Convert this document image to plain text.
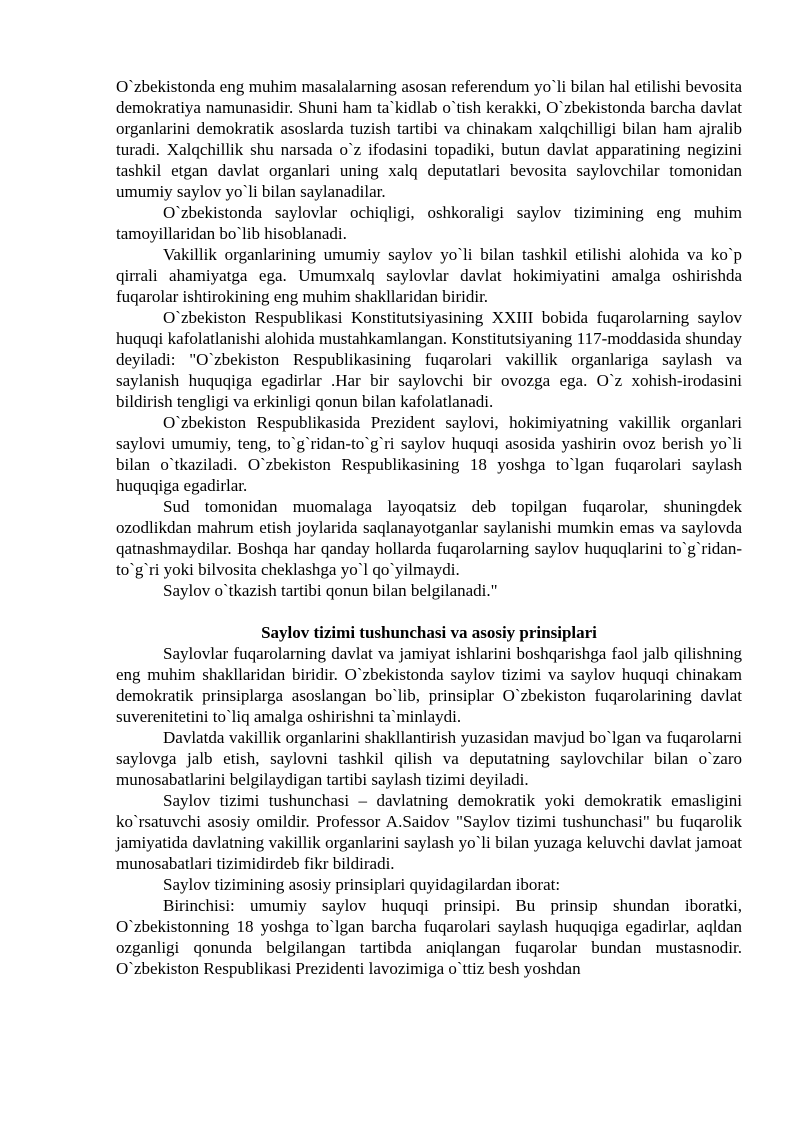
O`zbekistonda eng muhim masalalarning asosan referendum yo`li bilan hal etilishi bevosita demokratiya namunasidir. Shuni ham ta`kidlab o`tish kerakki, O`zbekistonda barcha davlat organlarini demokratik asoslarda tuzish tartibi va chinakam xalqchilligi bilan ham ajralib turadi. Xalqchillik shu narsada o`z ifodasini topadiki, butun davlat apparatining negizini tashkil etgan davlat organlari uning xalq deputatlari bevosita saylovchilar tomonidan umumiy saylov yo`li bilan saylanadilar.

O`zbekistonda saylovlar ochiqligi, oshkoraligi saylov tizimining eng muhim tamoyillaridan bo`lib hisoblanadi.

Vakillik organlarining umumiy saylov yo`li bilan tashkil etilishi alohida va ko`p qirrali ahamiyatga ega. Umumxalq saylovlar davlat hokimiyatini amalga oshirishda fuqarolar ishtirokining eng muhim shakllaridan biridir.

O`zbekiston Respublikasi Konstitutsiyasining XXIII bobida fuqarolarning saylov huquqi kafolatlanishi alohida mustahkamlangan. Konstitutsiyaning 117-moddasida shunday deyiladi: "O`zbekiston Respublikasining fuqarolari vakillik organlariga saylash va saylanish huquqiga egadirlar .Har bir saylovchi bir ovozga ega. O`z xohish-irodasini bildirish tengligi va erkinligi qonun bilan kafolatlanadi.

O`zbekiston Respublikasida Prezident saylovi, hokimiyatning vakillik organlari saylovi umumiy, teng, to`g`ridan-to`g`ri saylov huquqi asosida yashirin ovoz berish yo`li bilan o`tkaziladi. O`zbekiston Respublikasining 18 yoshga to`lgan fuqarolari saylash huquqiga egadirlar.

Sud tomonidan muomalaga layoqatsiz deb topilgan fuqarolar, shuningdek ozodlikdan mahrum etish joylarida saqlanayotganlar saylanishi mumkin emas va saylovda qatnashmaydilar. Boshqa har qanday hollarda fuqarolarning saylov huquqlarini to`g`ridan-to`g`ri yoki bilvosita cheklashga yo`l qo`yilmaydi.

Saylov o`tkazish tartibi qonun bilan belgilanadi."

Saylov tizimi tushunchasi va asosiy prinsiplari

Saylovlar fuqarolarning davlat va jamiyat ishlarini boshqarishga faol jalb qilishning eng muhim shakllaridan biridir. O`zbekistonda saylov tizimi va saylov huquqi chinakam demokratik prinsiplarga asoslangan bo`lib, prinsiplar O`zbekiston fuqarolarining davlat suverenitetini to`liq amalga oshirishni ta`minlaydi.

Davlatda vakillik organlarini shakllantirish yuzasidan mavjud bo`lgan va fuqarolarni saylovga jalb etish, saylovni tashkil qilish va deputatning saylovchilar bilan o`zaro munosabatlarini belgilaydigan tartibi saylash tizimi deyiladi.

Saylov tizimi tushunchasi – davlatning demokratik yoki demokratik emasligini ko`rsatuvchi asosiy omildir. Professor A.Saidov "Saylov tizimi tushunchasi" bu fuqarolik jamiyatida davlatning vakillik organlarini saylash yo`li bilan yuzaga keluvchi davlat jamoat munosabatlari tizimidirdeb fikr bildiradi.

Saylov tizimining asosiy prinsiplari quyidagilardan iborat:

Birinchisi: umumiy saylov huquqi prinsipi. Bu prinsip shundan iboratki, O`zbekistonning 18 yoshga to`lgan barcha fuqarolari saylash huquqiga egadirlar, aqldan ozganligi qonunda belgilangan tartibda aniqlangan fuqarolar bundan mustasnodir. O`zbekiston Respublikasi Prezidenti lavozimiga o`ttiz besh yoshdan
